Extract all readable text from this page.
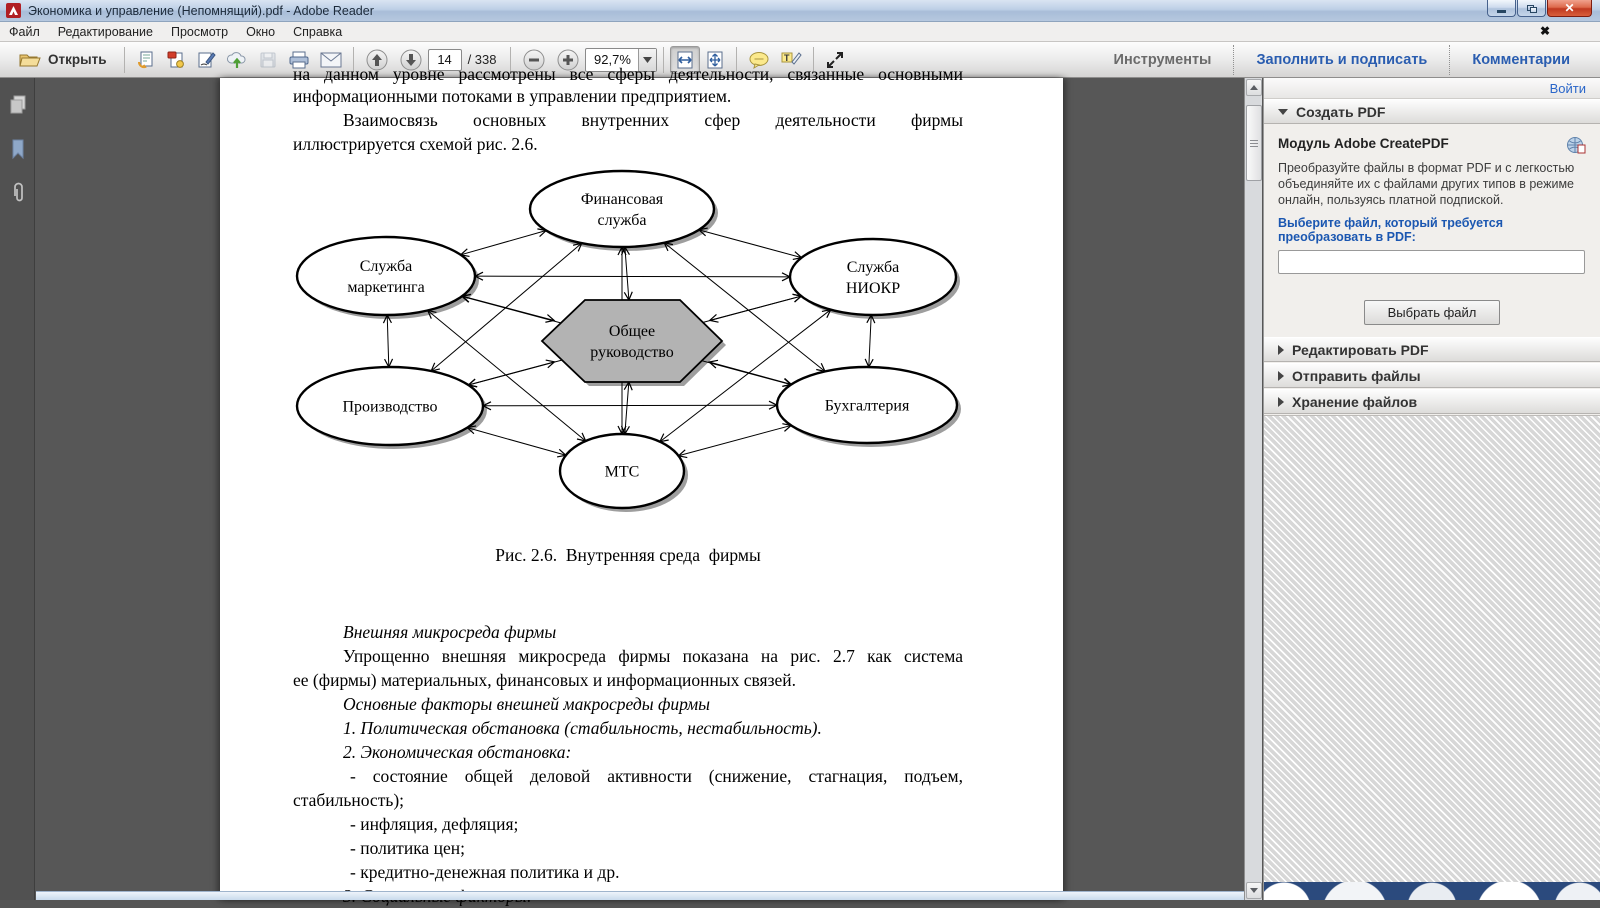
Экономика и управление (Непомнящий).pdf - Adobe Reader	✕
Файл	Редактирование	Просмотр	Окно	Справка	✖
Открыть
14	/ 338	92,7%	T	Инструменты	Заполнить и подписать	Комментарии
на данном уровне рассмотрены все сферы деятельности, связанные основными
информационными потоками в управлении предприятием.
Взаимосвязь основных внутренних сфер деятельности фирмы
иллюстрируется схемой рис. 2.6.
Финансовая служба
Служба маркетинга
Служба НИОКР
Производство	Бухгалтерия
МТС
Общее руководство
Рис. 2.6.  Внутренняя среда  фирмы
Внешняя микросреда фирмы
Упрощенно внешняя микросреда фирмы показана на рис. 2.7 как система
ее (фирмы) материальных, финансовых и информационных связей.
Основные факторы внешней макросреды фирмы
1. Политическая обстановка (стабильность, нестабильность).
2. Экономическая обстановка:
- состояние общей деловой активности (снижение, стагнация, подъем,
стабильность);
- инфляция, дефляция;
- политика цен;
- кредитно-денежная политика и др.
Войти
Создать PDF
Модуль Adobe CreatePDF
Преобразуйте файлы в формат PDF и с легкостью объединяйте их с файлами других типов в режиме онлайн, пользуясь платной подпиской.
Выберите файл, который требуется преобразовать в PDF:
Выбрать файл
Редактировать PDF
Отправить файлы
Хранение файлов
